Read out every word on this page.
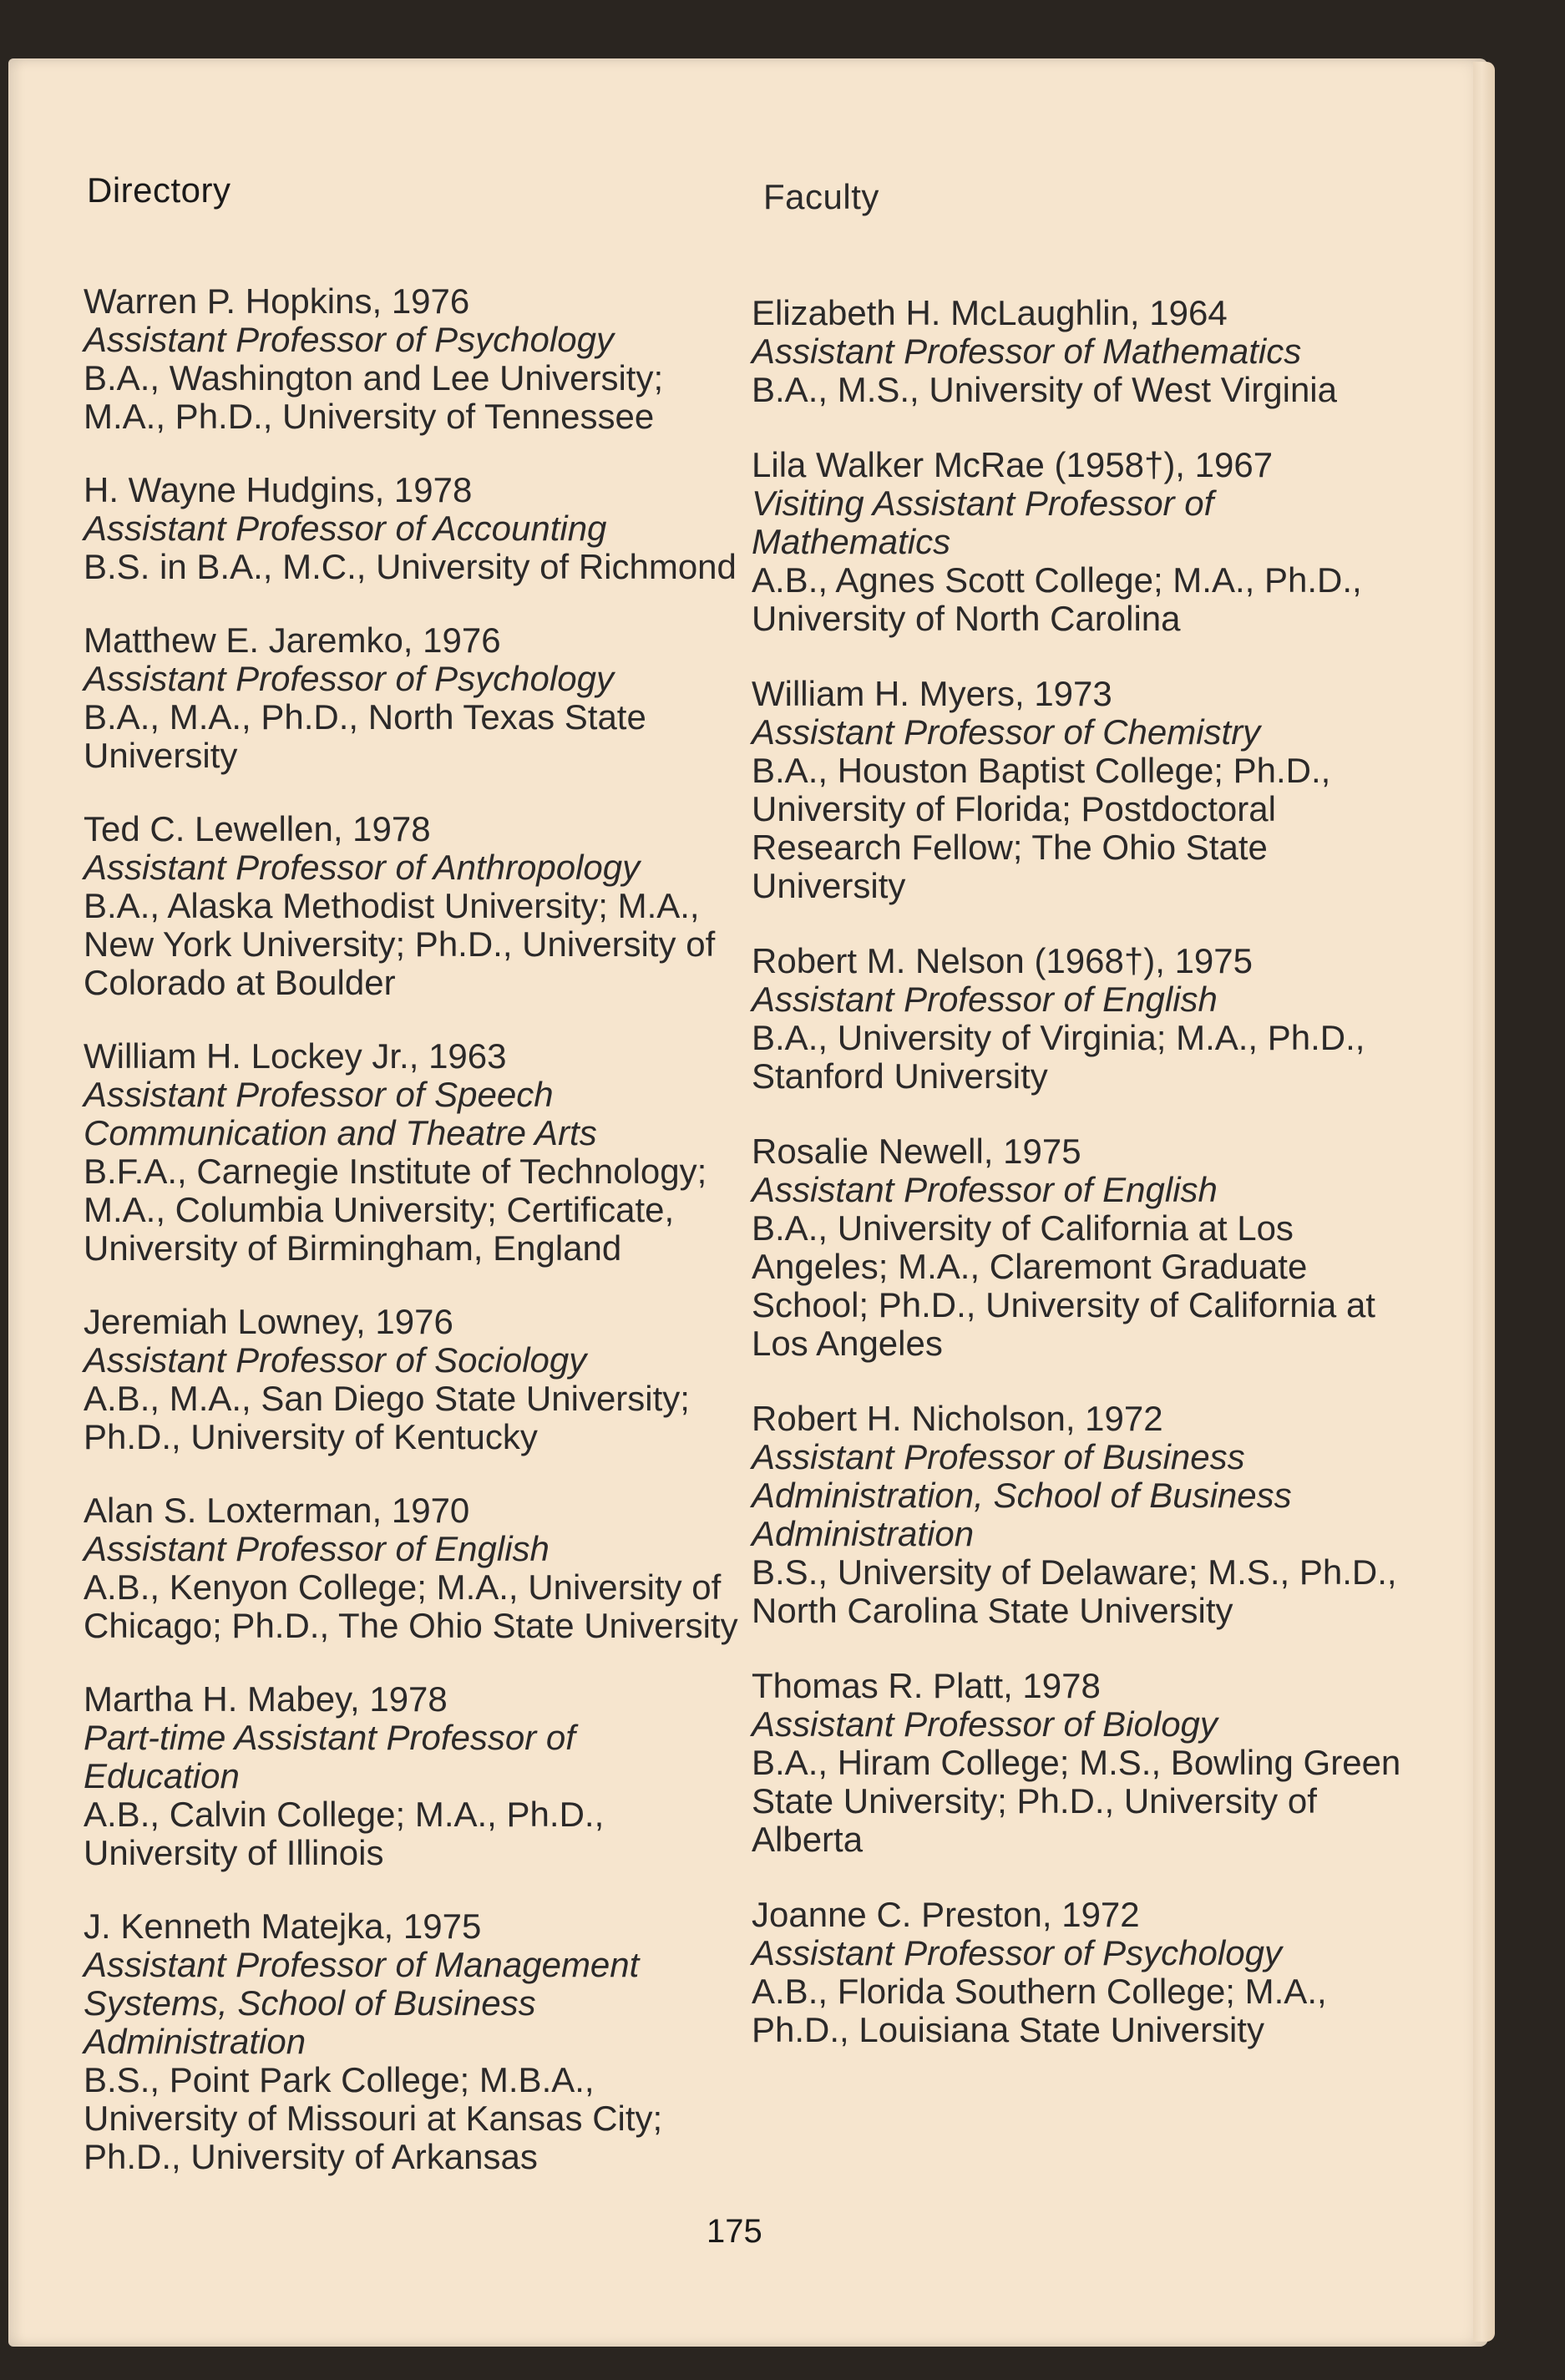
Directory	Faculty
Warren P. Hopkins, 1976
Assistant Professor of Psychology
B.A., Washington and Lee University;
M.A., Ph.D., University of Tennessee
H. Wayne Hudgins, 1978
Assistant Professor of Accounting
B.S. in B.A., M.C., University of Richmond
Matthew E. Jaremko, 1976
Assistant Professor of Psychology
B.A., M.A., Ph.D., North Texas State
University
Ted C. Lewellen, 1978
Assistant Professor of Anthropology
B.A., Alaska Methodist University; M.A.,
New York University; Ph.D., University of
Colorado at Boulder
William H. Lockey Jr., 1963
Assistant Professor of Speech
Communication and Theatre Arts
B.F.A., Carnegie Institute of Technology;
M.A., Columbia University; Certificate,
University of Birmingham, England
Jeremiah Lowney, 1976
Assistant Professor of Sociology
A.B., M.A., San Diego State University;
Ph.D., University of Kentucky
Alan S. Loxterman, 1970
Assistant Professor of English
A.B., Kenyon College; M.A., University of
Chicago; Ph.D., The Ohio State University
Martha H. Mabey, 1978
Part-time Assistant Professor of
Education
A.B., Calvin College; M.A., Ph.D.,
University of Illinois
J. Kenneth Matejka, 1975
Assistant Professor of Management
Systems, School of Business
Administration
B.S., Point Park College; M.B.A.,
University of Missouri at Kansas City;
Ph.D., University of Arkansas
Elizabeth H. McLaughlin, 1964
Assistant Professor of Mathematics
B.A., M.S., University of West Virginia
Lila Walker McRae (1958†), 1967
Visiting Assistant Professor of
Mathematics
A.B., Agnes Scott College; M.A., Ph.D.,
University of North Carolina
William H. Myers, 1973
Assistant Professor of Chemistry
B.A., Houston Baptist College; Ph.D.,
University of Florida; Postdoctoral
Research Fellow; The Ohio State
University
Robert M. Nelson (1968†), 1975
Assistant Professor of English
B.A., University of Virginia; M.A., Ph.D.,
Stanford University
Rosalie Newell, 1975
Assistant Professor of English
B.A., University of California at Los
Angeles; M.A., Claremont Graduate
School; Ph.D., University of California at
Los Angeles
Robert H. Nicholson, 1972
Assistant Professor of Business
Administration, School of Business
Administration
B.S., University of Delaware; M.S., Ph.D.,
North Carolina State University
Thomas R. Platt, 1978
Assistant Professor of Biology
B.A., Hiram College; M.S., Bowling Green
State University; Ph.D., University of
Alberta
Joanne C. Preston, 1972
Assistant Professor of Psychology
A.B., Florida Southern College; M.A.,
Ph.D., Louisiana State University
175
